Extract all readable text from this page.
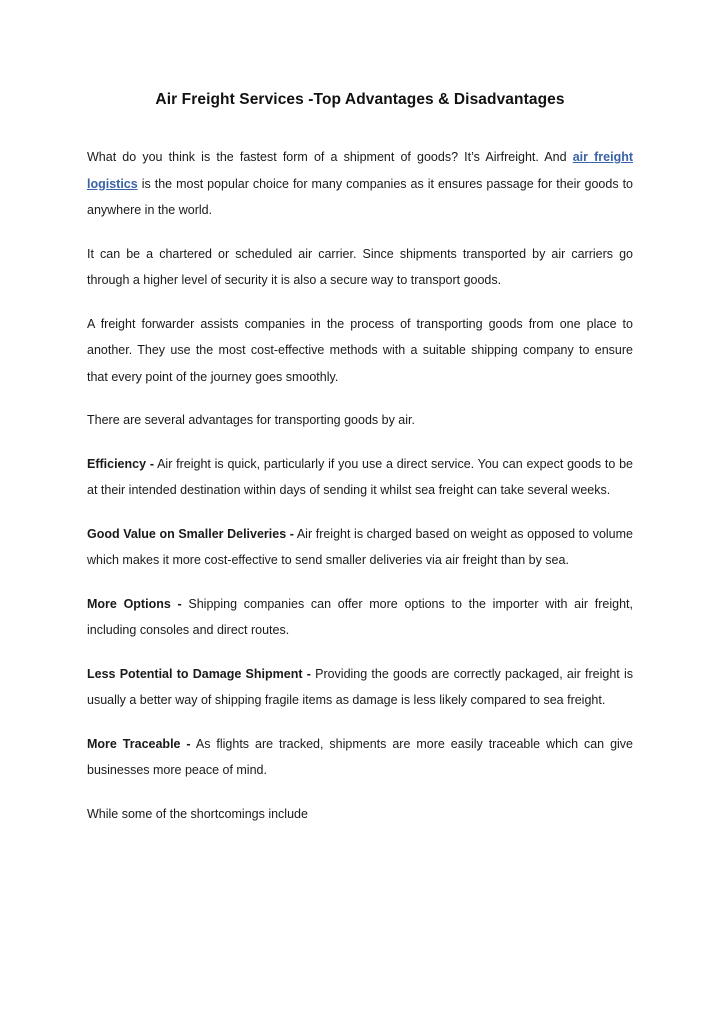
Air Freight Services -Top Advantages & Disadvantages

What do you think is the fastest form of a shipment of goods? It’s Airfreight. And air freight logistics is the most popular choice for many companies as it ensures passage for their goods to anywhere in the world.

It can be a chartered or scheduled air carrier. Since shipments transported by air carriers go through a higher level of security it is also a secure way to transport goods.

A freight forwarder assists companies in the process of transporting goods from one place to another. They use the most cost-effective methods with a suitable shipping company to ensure that every point of the journey goes smoothly.

There are several advantages for transporting goods by air.

Efficiency - Air freight is quick, particularly if you use a direct service. You can expect goods to be at their intended destination within days of sending it whilst sea freight can take several weeks.

Good Value on Smaller Deliveries - Air freight is charged based on weight as opposed to volume which makes it more cost-effective to send smaller deliveries via air freight than by sea.

More Options - Shipping companies can offer more options to the importer with air freight, including consoles and direct routes.

Less Potential to Damage Shipment - Providing the goods are correctly packaged, air freight is usually a better way of shipping fragile items as damage is less likely compared to sea freight.

More Traceable - As flights are tracked, shipments are more easily traceable which can give businesses more peace of mind.

While some of the shortcomings include
